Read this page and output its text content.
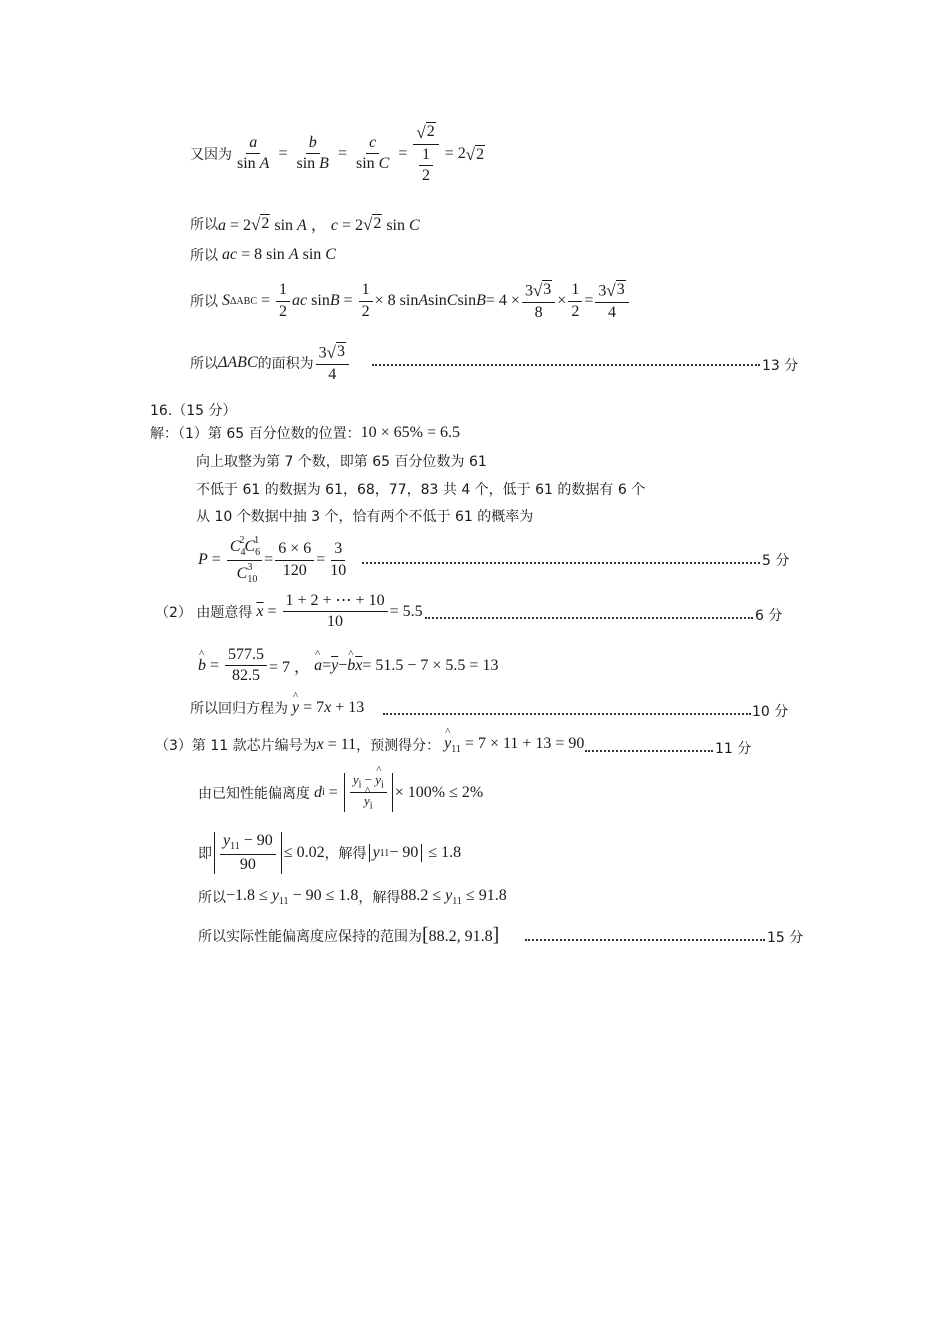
又因为 $\frac{a}{\text{sin A}} = \frac{b}{\text{sin B}} = \frac{c}{\text{sin C}} = \frac{√ 2}{\frac{1}{2}} = 2$ √ 2
所以 a = 2 √ 2 sin A ， c = 2 √ 2 sin C
所以 ac = 8 sin A sin C
所以
S $\Delta ABC = \frac{1}{2}$ ac $\sin B = \frac{1}{2} \times 8$ sin A sin C $\sin B = 4 \times \frac{3 √ 3}{8} \times \frac{1}{2} = \frac{3 √ 3}{4}$
所以 ΔABC 的面积为 $\frac{3 √ 3}{4}$	13 分
16.（15 分）
解：（1）第 65 百分位数的位置： 10 × 65% = 6.5
向上取整为第 7 个数，即第 65 百分位数为 61
不低于 61 的数据为 61，68，77，83 共 4 个，低于 61 的数据有 6 个
从 10 个数据中抽 3 个，恰有两个不低于 61 的概率为
$P = \frac{C_4^2C_6^1}{C_{10}^3} = \frac{6 \times 6}{120} = \frac{3}{10}$	5 分
（2） 由题意得
$\overline{x} = \frac{1 + 2 + \cdots + 10}{10} = 5.5$	6 分
^ $b = \frac{577.5}{82.5} = 7$ ， ^ $a = \overline{y}$ − ^ b $\overline{x} = 51.5 - 7 \times 5.5 = 13$
所以回归方程为 ^ y = 7x + 13	10 分
（3）第 11 款芯片编号为 x = 11 ，预测得分： ^ $y_{11} = 7 \times 11 + 13 = 90$	11 分
由已知性能偏离度
d $i = y_i$ − ^ $y_i$
^ $y_i \times 100\% \le 2\%$
即 $\frac{y_{11} - 90}{90} \le 0.02$ ，解得 y 11 − 90 ≤ 1.8
所以 $-1.8 \le y_{11} - 90 \le 1.8$ ，解得 $88.2 \le y_{11} \le 91.8$
所以实际性能偏离度应保持的范围为 [88.2, 91.8]	15 分
